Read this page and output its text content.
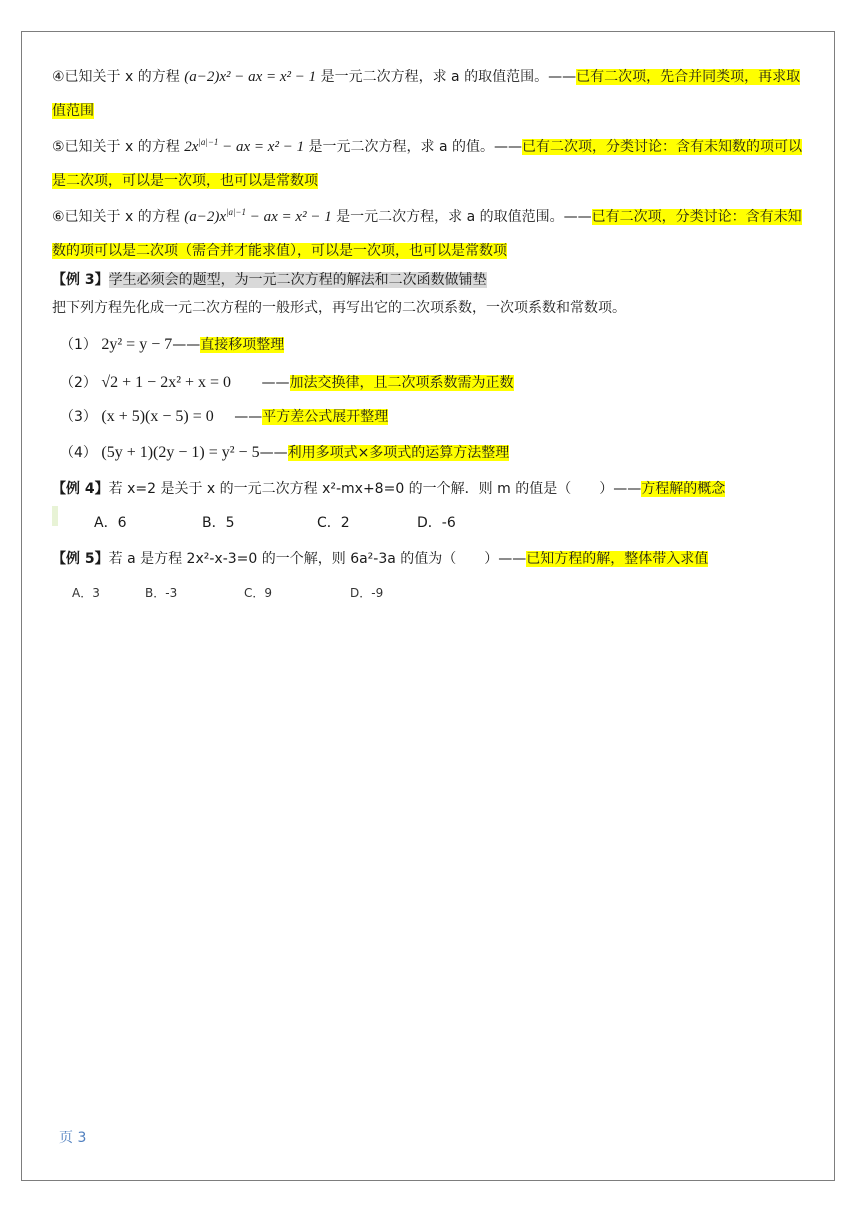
④已知关于 x 的方程 (a−2)x² − ax = x² − 1 是一元二次方程，求 a 的取值范围。——已有二次项，先合并同类项，再求取值范围
⑤已知关于 x 的方程 $2x^{|a|-1}$ − ax = x² − 1 是一元二次方程，求 a 的值。——已有二次项，分类讨论：含有未知数的项可以是二次项，可以是一次项，也可以是常数项
⑥已知关于 x 的方程 $(a-2)x^{|a|-1}$ − ax = x² − 1 是一元二次方程，求 a 的取值范围。——已有二次项，分类讨论：含有未知数的项可以是二次项（需合并才能求值），可以是一次项，也可以是常数项
【例 3】学生必须会的题型，为一元二次方程的解法和二次函数做铺垫
把下列方程先化成一元二次方程的一般形式，再写出它的二次项系数，一次项系数和常数项。
（1） 2y² = y − 7——直接移项整理
（2） √2 + 1 − 2x² + x = 0 ——加法交换律，且二次项系数需为正数
（3） (x + 5)(x − 5) = 0 ——平方差公式展开整理
（4） (5y + 1)(2y − 1) = y² − 5——利用多项式×多项式的运算方法整理
【例 4】若 x=2 是关于 x 的一元二次方程 x²-mx+8=0 的一个解．则 m 的值是（　　）——方程解的概念
A．6	B．5	C．2	D．-6
【例 5】若 a 是方程 2x²-x-3=0 的一个解，则 6a²-3a 的值为（　　）——已知方程的解，整体带入求值
A．3	B．-3	C．9	D．-9
页 3
